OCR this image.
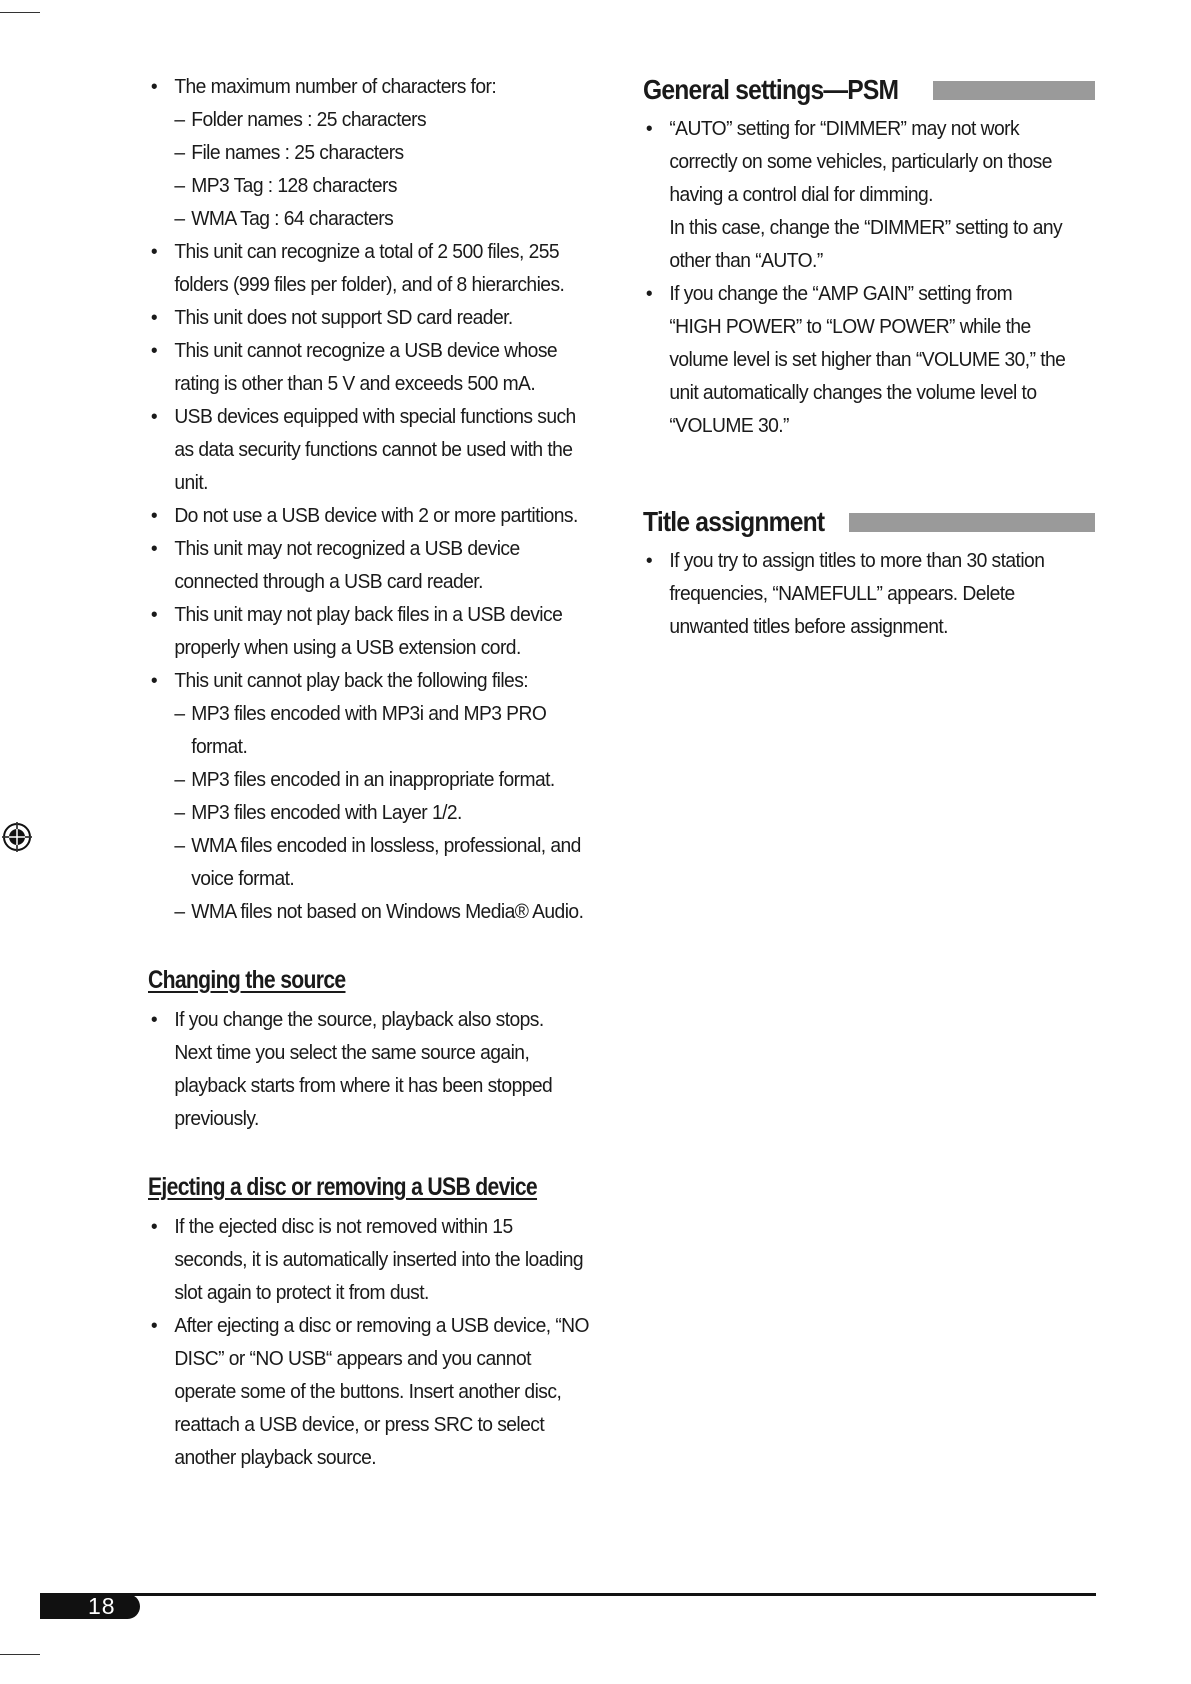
• The maximum number of characters for:
– Folder names : 25 characters
– File names : 25 characters
– MP3 Tag : 128 characters
– WMA Tag : 64 characters
• This unit can recognize a total of 2 500 files, 255 folders (999 files per folder), and of 8 hierarchies.
• This unit does not support SD card reader.
• This unit cannot recognize a USB device whose rating is other than 5 V and exceeds 500 mA.
• USB devices equipped with special functions such as data security functions cannot be used with the unit.
• Do not use a USB device with 2 or more partitions.
• This unit may not recognized a USB device connected through a USB card reader.
• This unit may not play back files in a USB device properly when using a USB extension cord.
• This unit cannot play back the following files:
– MP3 files encoded with MP3i and MP3 PRO format.
– MP3 files encoded in an inappropriate format.
– MP3 files encoded with Layer 1/2.
– WMA files encoded in lossless, professional, and voice format.
– WMA files not based on Windows Media® Audio.
Changing the source
• If you change the source, playback also stops.
Next time you select the same source again, playback starts from where it has been stopped previously.
Ejecting a disc or removing a USB device
• If the ejected disc is not removed within 15 seconds, it is automatically inserted into the loading slot again to protect it from dust.
• After ejecting a disc or removing a USB device, “NO DISC” or “NO USB“ appears and you cannot operate some of the buttons. Insert another disc, reattach a USB device, or press SRC to select another playback source.
General settings—PSM
• “AUTO” setting for “DIMMER” may not work correctly on some vehicles, particularly on those having a control dial for dimming.
In this case, change the “DIMMER” setting to any other than “AUTO.”
• If you change the “AMP GAIN” setting from “HIGH POWER” to “LOW POWER” while the volume level is set higher than “VOLUME 30,” the unit automatically changes the volume level to “VOLUME 30.”
Title assignment
• If you try to assign titles to more than 30 station frequencies, “NAMEFULL” appears. Delete unwanted titles before assignment.
18
